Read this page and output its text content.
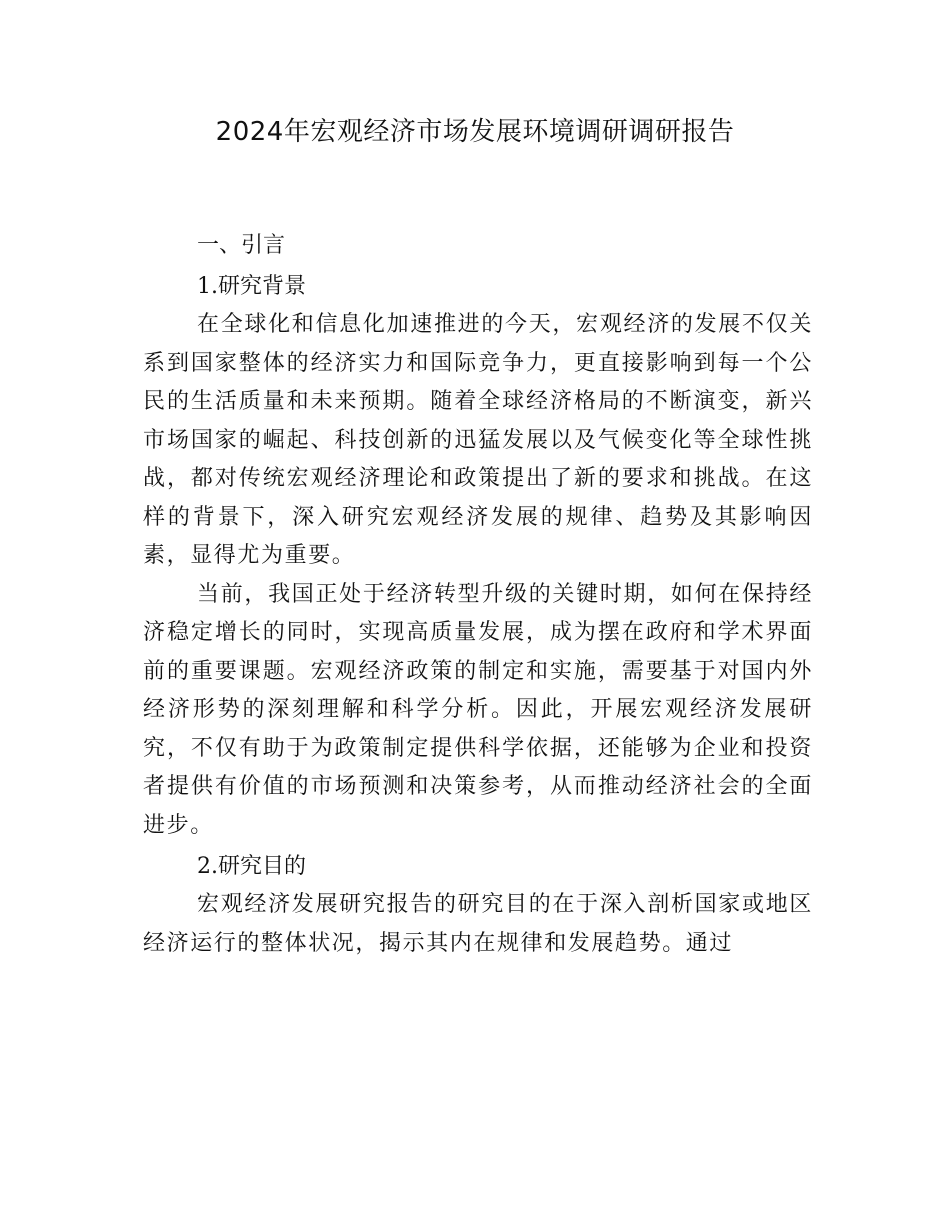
2024年宏观经济市场发展环境调研调研报告
一、引言
1.研究背景

在全球化和信息化加速推进的今天，宏观经济的发展不仅关系到国家整体的经济实力和国际竞争力，更直接影响到每一个公民的生活质量和未来预期。随着全球经济格局的不断演变，新兴市场国家的崛起、科技创新的迅猛发展以及气候变化等全球性挑战，都对传统宏观经济理论和政策提出了新的要求和挑战。在这样的背景下，深入研究宏观经济发展的规律、趋势及其影响因素，显得尤为重要。

当前，我国正处于经济转型升级的关键时期，如何在保持经济稳定增长的同时，实现高质量发展，成为摆在政府和学术界面前的重要课题。宏观经济政策的制定和实施，需要基于对国内外经济形势的深刻理解和科学分析。因此，开展宏观经济发展研究，不仅有助于为政策制定提供科学依据，还能够为企业和投资者提供有价值的市场预测和决策参考，从而推动经济社会的全面进步。

2.研究目的

宏观经济发展研究报告的研究目的在于深入剖析国家或地区经济运行的整体状况，揭示其内在规律和发展趋势。通过
